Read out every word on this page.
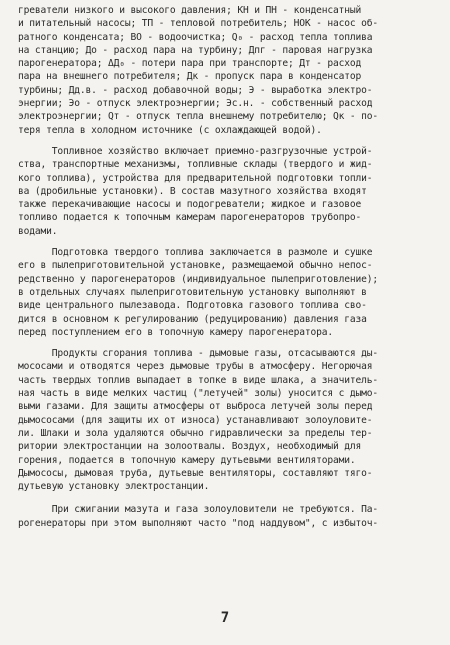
греватели низкого и высокого давления; КН и ПН - конденсатный
и питательный насосы; ТП - тепловой потребитель; НОК - насос об-
ратного конденсата; ВО - водоочистка; Q₀ - расход тепла топлива
на станцию; До - расход пара на турбину; Дпг - паровая нагрузка
парогенератора; ΔД₀ - потери пара при транспорте; Дт - расход
пара на внешнего потребителя; Дк - пропуск пара в конденсатор
турбины; Дд.в. - расход добавочной воды; Э - выработка электро-
энергии; Эо - отпуск электроэнергии; Эс.н. - собственный расход
электроэнергии; Qт - отпуск тепла внешнему потребителю; Qк - по-
теря тепла в холодном источнике (с охлаждающей водой).
Топливное хозяйство включает приемно-разгрузочные устрой-
ства, транспортные механизмы, топливные склады (твердого и жид-
кого топлива), устройства для предварительной подготовки топли-
ва (дробильные установки). В состав мазутного хозяйства входят
также перекачивающие насосы и подогреватели; жидкое и газовое
топливо подается к топочным камерам парогенераторов трубопро-
водами.
Подготовка твердого топлива заключается в размоле и сушке
его в пылеприготовительной установке, размещаемой обычно непос-
редственно у парогенераторов (индивидуальное пылеприготовление);
в отдельных случаях пылеприготовительную установку выполняют в
виде центрального пылезавода. Подготовка газового топлива сво-
дится в основном к регулированию (редуцированию) давления газа
перед поступлением его в топочную камеру парогенератора.
Продукты сгорания топлива - дымовые газы, отсасываются ды-
мососами и отводятся через дымовые трубы в атмосферу. Негорючая
часть твердых топлив выпадает в топке в виде шлака, а значитель-
ная часть в виде мелких частиц ("летучей" золы) уносится с дымо-
выми газами. Для защиты атмосферы от выброса летучей золы перед
дымососами (для защиты их от износа) устанавливают золоуловите-
ли. Шлаки и зола удаляются обычно гидравлически за пределы тер-
ритории электростанции на золоотвалы. Воздух, необходимый для
горения, подается в топочную камеру дутьевыми вентиляторами.
Дымососы, дымовая труба, дутьевые вентиляторы, составляют тяго-
дутьевую установку электростанции.
При сжигании мазута и газа золоуловители не требуются. Па-
рогенераторы при этом выполняют часто "под наддувом", с избыточ-
7
